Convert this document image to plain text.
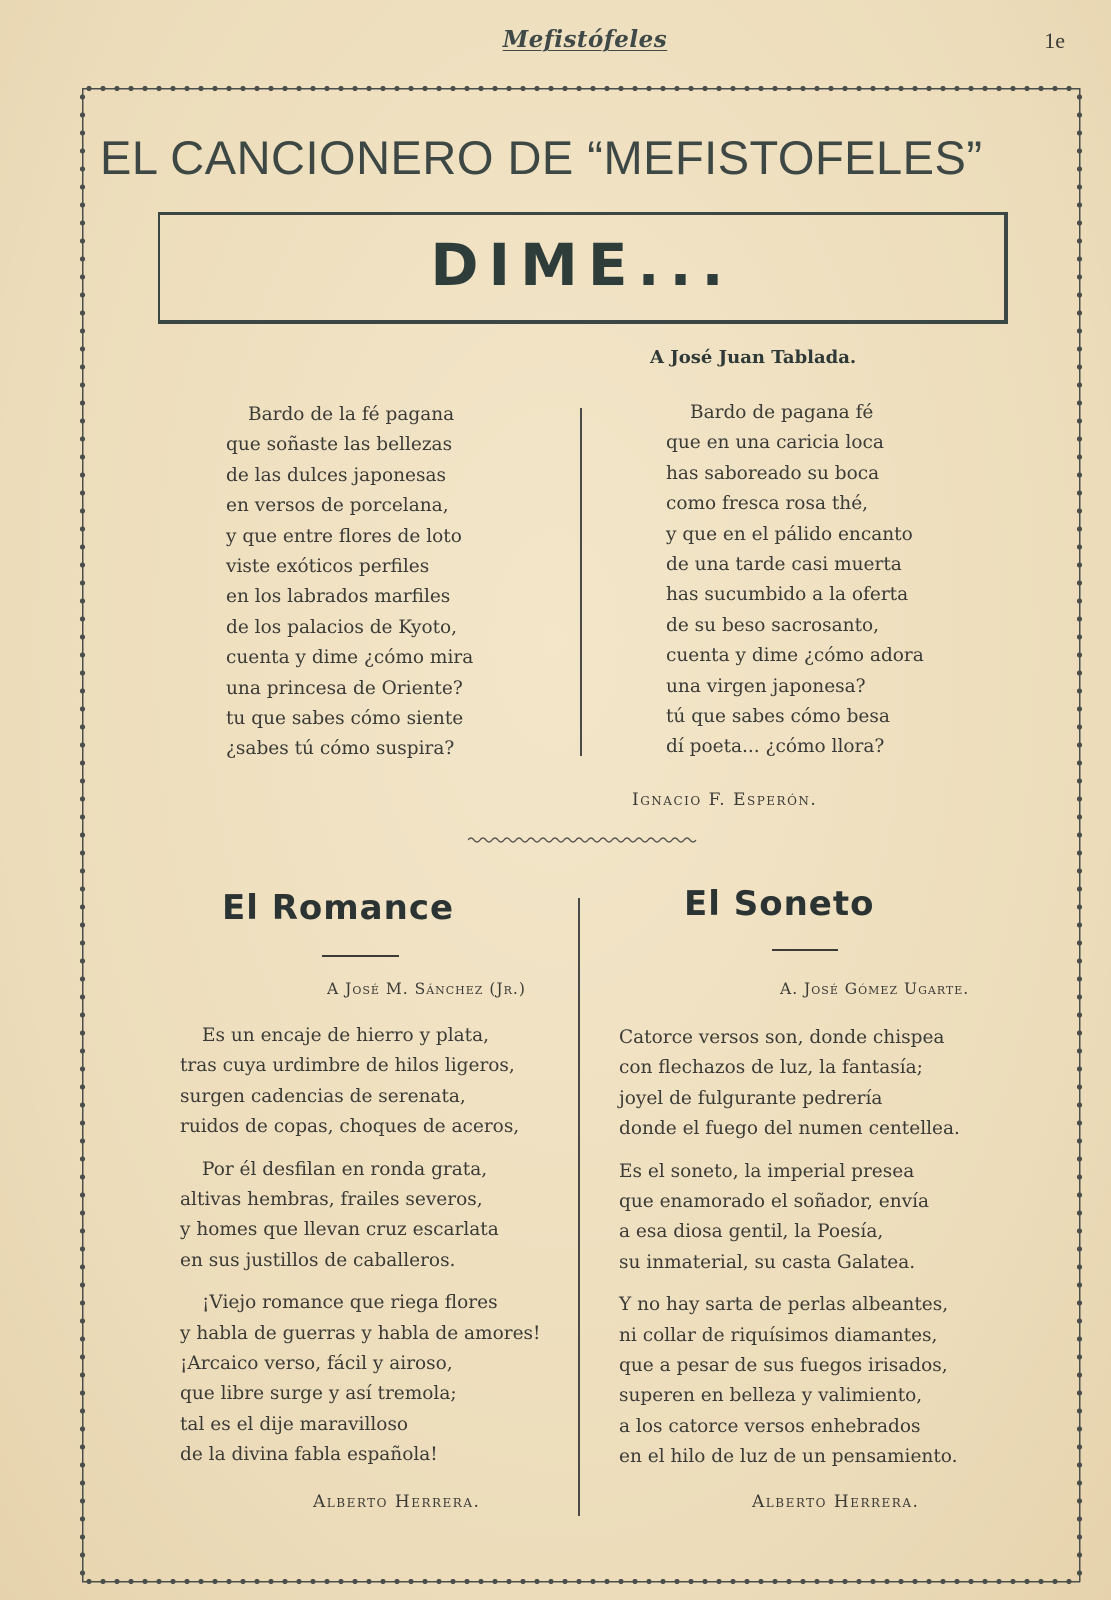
Mefistófeles	1e
EL CANCIONERO DE “MEFISTOFELES”
DIME...
A José Juan Tablada.
Bardo de la fé pagana
que soñaste las bellezas
de las dulces japonesas
en versos de porcelana,
y que entre flores de loto
viste exóticos perfiles
en los labrados marfiles
de los palacios de Kyoto,
cuenta y dime ¿cómo mira
una princesa de Oriente?
tu que sabes cómo siente
¿sabes tú cómo suspira?
Bardo de pagana fé
que en una caricia loca
has saboreado su boca
como fresca rosa thé,
y que en el pálido encanto
de una tarde casi muerta
has sucumbido a la oferta
de su beso sacrosanto,
cuenta y dime ¿cómo adora
una virgen japonesa?
tú que sabes cómo besa
dí poeta... ¿cómo llora?
Ignacio F. Esperón.
El Romance
A José M. Sánchez (Jr.)
El Soneto
A. José Gómez Ugarte.
Es un encaje de hierro y plata,
tras cuya urdimbre de hilos ligeros,
surgen cadencias de serenata,
ruidos de copas, choques de aceros,
Por él desfilan en ronda grata,
altivas hembras, frailes severos,
y homes que llevan cruz escarlata
en sus justillos de caballeros.
¡Viejo romance que riega flores
y habla de guerras y habla de amores!
¡Arcaico verso, fácil y airoso,
que libre surge y así tremola;
tal es el dije maravilloso
de la divina fabla española!
Catorce versos son, donde chispea
con flechazos de luz, la fantasía;
joyel de fulgurante pedrería
donde el fuego del numen centellea.
Es el soneto, la imperial presea
que enamorado el soñador, envía
a esa diosa gentil, la Poesía,
su inmaterial, su casta Galatea.
Y no hay sarta de perlas albeantes,
ni collar de riquísimos diamantes,
que a pesar de sus fuegos irisados,
superen en belleza y valimiento,
a los catorce versos enhebrados
en el hilo de luz de un pensamiento.
Alberto Herrera.	Alberto Herrera.
